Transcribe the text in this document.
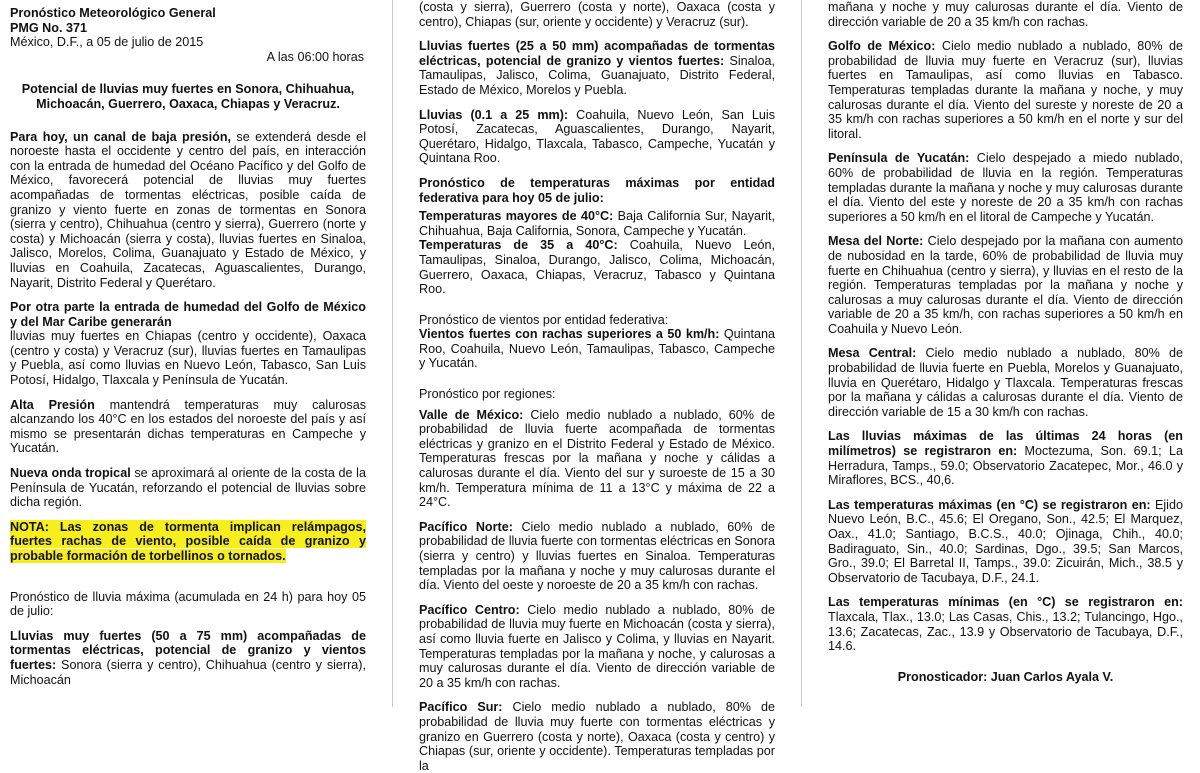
Pronóstico Meteorológico General
PMG No. 371
México, D.F., a 05 de julio de 2015
A las 06:00 horas
Potencial de lluvias muy fuertes en Sonora, Chihuahua, Michoacán, Guerrero, Oaxaca, Chiapas y Veracruz.

Para hoy, un canal de baja presión, se extenderá desde el noroeste hasta el occidente y centro del país, en interacción con la entrada de humedad del Océano Pacífico y del Golfo de México, favorecerá potencial de lluvias muy fuertes acompañadas de tormentas eléctricas, posible caída de granizo y viento fuerte en zonas de tormentas en Sonora (sierra y centro), Chihuahua (centro y sierra), Guerrero (norte y costa) y Michoacán (sierra y costa), lluvias fuertes en Sinaloa, Jalisco, Morelos, Colima, Guanajuato y Estado de México, y lluvias en Coahuila, Zacatecas, Aguascalientes, Durango, Nayarit, Distrito Federal y Querétaro.

Por otra parte la entrada de humedad del Golfo de México y del Mar Caribe generarán
lluvias muy fuertes en Chiapas (centro y occidente), Oaxaca (centro y costa) y Veracruz (sur), lluvias fuertes en Tamaulipas y Puebla, así como lluvias en Nuevo León, Tabasco, San Luis Potosí, Hidalgo, Tlaxcala y Península de Yucatán.

Alta Presión mantendrá temperaturas muy calurosas alcanzando los 40°C en los estados del noroeste del país y así mismo se presentarán dichas temperaturas en Campeche y Yucatán.

Nueva onda tropical se aproximará al oriente de la costa de la Península de Yucatán, reforzando el potencial de lluvias sobre dicha región.

NOTA: Las zonas de tormenta implican relámpagos, fuertes rachas de viento, posible caída de granizo y probable formación de torbellinos o tornados.

Pronóstico de lluvia máxima (acumulada en 24 h) para hoy 05 de julio:

Lluvias muy fuertes (50 a 75 mm) acompañadas de tormentas eléctricas, potencial de granizo y vientos fuertes: Sonora (sierra y centro), Chihuahua (centro y sierra), Michoacán

(costa y sierra), Guerrero (costa y norte), Oaxaca (costa y centro), Chiapas (sur, oriente y occidente) y Veracruz (sur).

Lluvias fuertes (25 a 50 mm) acompañadas de tormentas eléctricas, potencial de granizo y vientos fuertes: Sinaloa, Tamaulipas, Jalisco, Colima, Guanajuato, Distrito Federal, Estado de México, Morelos y Puebla.

Lluvias (0.1 a 25 mm): Coahuila, Nuevo León, San Luis Potosí, Zacatecas, Aguascalientes, Durango, Nayarit, Querétaro, Hidalgo, Tlaxcala, Tabasco, Campeche, Yucatán y Quintana Roo.

Pronóstico de temperaturas máximas por entidad federativa para hoy 05 de julio:

Temperaturas mayores de 40°C: Baja California Sur, Nayarit, Chihuahua, Baja California, Sonora, Campeche y Yucatán.

Temperaturas de 35 a 40°C: Coahuila, Nuevo León, Tamaulipas, Sinaloa, Durango, Jalisco, Colima, Michoacán, Guerrero, Oaxaca, Chiapas, Veracruz, Tabasco y Quintana Roo.

Pronóstico de vientos por entidad federativa:

Vientos fuertes con rachas superiores a 50 km/h: Quintana Roo, Coahuila, Nuevo León, Tamaulipas, Tabasco, Campeche y Yucatán.

Pronóstico por regiones:

Valle de México: Cielo medio nublado a nublado, 60% de probabilidad de lluvia fuerte acompañada de tormentas eléctricas y granizo en el Distrito Federal y Estado de México. Temperaturas frescas por la mañana y noche y cálidas a calurosas durante el día. Viento del sur y suroeste de 15 a 30 km/h. Temperatura mínima de 11 a 13°C y máxima de 22 a 24°C.

Pacífico Norte: Cielo medio nublado a nublado, 60% de probabilidad de lluvia fuerte con tormentas eléctricas en Sonora (sierra y centro) y lluvias fuertes en Sinaloa. Temperaturas templadas por la mañana y noche y muy calurosas durante el día. Viento del oeste y noroeste de 20 a 35 km/h con rachas.

Pacífico Centro: Cielo medio nublado a nublado, 80% de probabilidad de lluvia muy fuerte en Michoacán (costa y sierra), así como lluvia fuerte en Jalisco y Colima, y lluvias en Nayarit. Temperaturas templadas por la mañana y noche, y calurosas a muy calurosas durante el día. Viento de dirección variable de 20 a 35 km/h con rachas.

Pacífico Sur: Cielo medio nublado a nublado, 80% de probabilidad de lluvia muy fuerte con tormentas eléctricas y granizo en Guerrero (costa y norte), Oaxaca (costa y centro) y Chiapas (sur, oriente y occidente). Temperaturas templadas por la

mañana y noche y muy calurosas durante el día. Viento de dirección variable de 20 a 35 km/h con rachas.

Golfo de México: Cielo medio nublado a nublado, 80% de probabilidad de lluvia muy fuerte en Veracruz (sur), lluvias fuertes en Tamaulipas, así como lluvias en Tabasco. Temperaturas templadas durante la mañana y noche, y muy calurosas durante el día. Viento del sureste y noreste de 20 a 35 km/h con rachas superiores a 50 km/h en el norte y sur del litoral.

Península de Yucatán: Cielo despejado a miedo nublado, 60% de probabilidad de lluvia en la región. Temperaturas templadas durante la mañana y noche y muy calurosas durante el día. Viento del este y noreste de 20 a 35 km/h con rachas superiores a 50 km/h en el litoral de Campeche y Yucatán.

Mesa del Norte: Cielo despejado por la mañana con aumento de nubosidad en la tarde, 60% de probabilidad de lluvia muy fuerte en Chihuahua (centro y sierra), y lluvias en el resto de la región. Temperaturas templadas por la mañana y noche y calurosas a muy calurosas durante el día. Viento de dirección variable de 20 a 35 km/h, con rachas superiores a 50 km/h en Coahuila y Nuevo León.

Mesa Central: Cielo medio nublado a nublado, 80% de probabilidad de lluvia fuerte en Puebla, Morelos y Guanajuato, lluvia en Querétaro, Hidalgo y Tlaxcala. Temperaturas frescas por la mañana y cálidas a calurosas durante el día. Viento de dirección variable de 15 a 30 km/h con rachas.

Las lluvias máximas de las últimas 24 horas (en milímetros) se registraron en: Moctezuma, Son. 69.1; La Herradura, Tamps., 59.0; Observatorio Zacatepec, Mor., 46.0 y Miraflores, BCS., 40,6.

Las temperaturas máximas (en °C) se registraron en: Ejido Nuevo León, B.C., 45.6; El Oregano, Son., 42.5; El Marquez, Oax., 41.0; Santiago, B.C.S., 40.0; Ojinaga, Chih., 40.0; Badiraguato, Sin., 40.0; Sardinas, Dgo., 39.5; San Marcos, Gro., 39.0; El Barretal II, Tamps., 39.0: Zicuirán, Mich., 38.5 y Observatorio de Tacubaya, D.F., 24.1.

Las temperaturas mínimas (en °C) se registraron en: Tlaxcala, Tlax., 13.0; Las Casas, Chis., 13.2; Tulancingo, Hgo., 13.6; Zacatecas, Zac., 13.9 y Observatorio de Tacubaya, D.F., 14.6.

Pronosticador: Juan Carlos Ayala V.
